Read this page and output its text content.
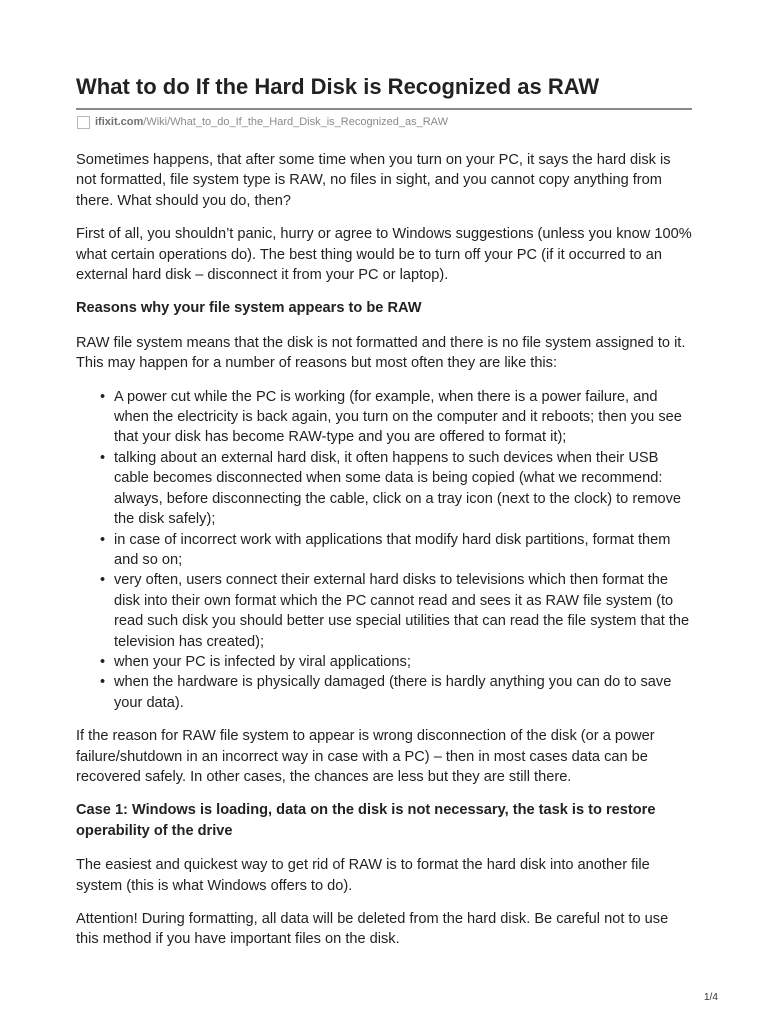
What to do If the Hard Disk is Recognized as RAW
ifixit.com /Wiki/What_to_do_If_the_Hard_Disk_is_Recognized_as_RAW

Sometimes happens, that after some time when you turn on your PC, it says the hard disk is not formatted, file system type is RAW, no files in sight, and you cannot copy anything from there. What should you do, then?

First of all, you shouldn’t panic, hurry or agree to Windows suggestions (unless you know 100% what certain operations do). The best thing would be to turn off your PC (if it occurred to an external hard disk – disconnect it from your PC or laptop).

Reasons why your file system appears to be RAW

RAW file system means that the disk is not formatted and there is no file system assigned to it. This may happen for a number of reasons but most often they are like this:

• A power cut while the PC is working (for example, when there is a power failure, and when the electricity is back again, you turn on the computer and it reboots; then you see that your disk has become RAW-type and you are offered to format it);
• talking about an external hard disk, it often happens to such devices when their USB cable becomes disconnected when some data is being copied (what we recommend: always, before disconnecting the cable, click on a tray icon (next to the clock) to remove the disk safely);
• in case of incorrect work with applications that modify hard disk partitions, format them and so on;
• very often, users connect their external hard disks to televisions which then format the disk into their own format which the PC cannot read and sees it as RAW file system (to read such disk you should better use special utilities that can read the file system that the television has created);
• when your PC is infected by viral applications;
• when the hardware is physically damaged (there is hardly anything you can do to save your data).

If the reason for RAW file system to appear is wrong disconnection of the disk (or a power failure/shutdown in an incorrect way in case with a PC) – then in most cases data can be recovered safely. In other cases, the chances are less but they are still there.

Case 1: Windows is loading, data on the disk is not necessary, the task is to restore operability of the drive

The easiest and quickest way to get rid of RAW is to format the hard disk into another file system (this is what Windows offers to do).

Attention! During formatting, all data will be deleted from the hard disk. Be careful not to use this method if you have important files on the disk.

1/4
